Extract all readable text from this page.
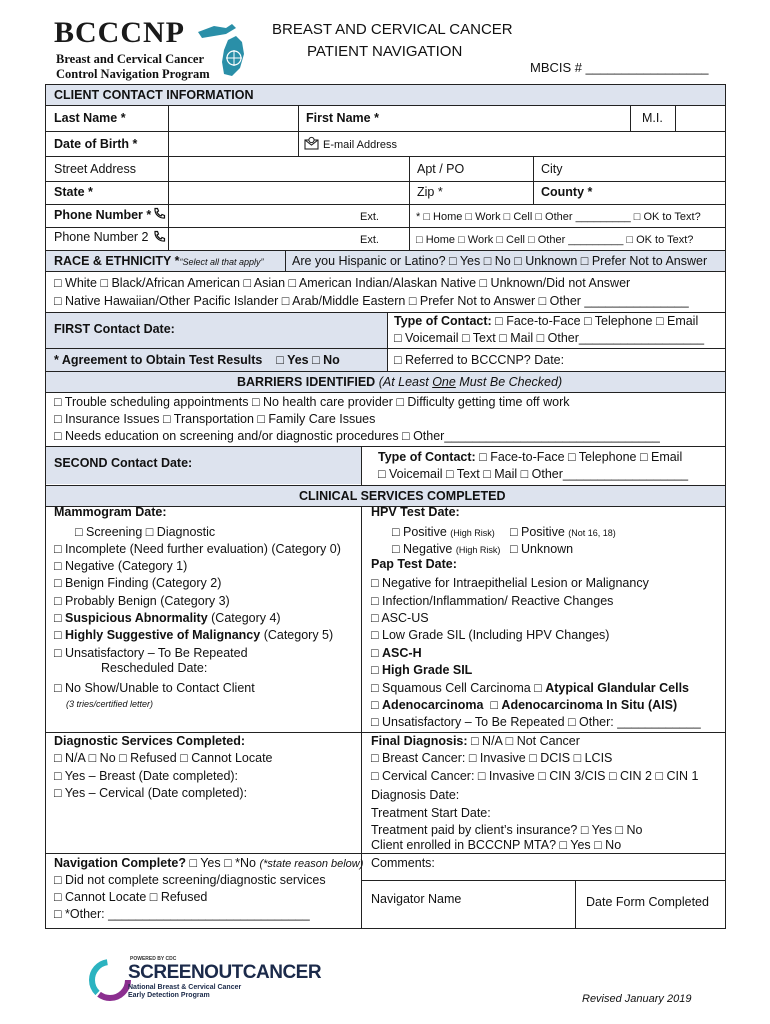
BCCCNP
Breast and Cervical Cancer
Control Navigation Program
BREAST AND CERVICAL CANCER
PATIENT NAVIGATION
MBCIS # _________________
CLIENT CONTACT INFORMATION
Last Name *	First Name *	M.I.
Date of Birth *	E-mail Address
Street Address	Apt / PO	City
State *	Zip *	County *
Phone Number *	Ext.	* □ Home □ Work □ Cell □ Other _________ □ OK to Text?
Phone Number 2	Ext.	□ Home □ Work □ Cell □ Other _________ □ OK to Text?
RACE & ETHNICITY *“Select all that apply” Are you Hispanic or Latino? □ Yes □ No □ Unknown □ Prefer Not to Answer
□ White □ Black/African American □ Asian □ American Indian/Alaskan Native □ Unknown/Did not Answer
□ Native Hawaiian/Other Pacific Islander □ Arab/Middle Eastern □ Prefer Not to Answer □ Other _______________
FIRST Contact Date:
Type of Contact: □ Face-to-Face □ Telephone □ Email
□ Voicemail □ Text □ Mail □ Other__________________
* Agreement to Obtain Test Results □ Yes □ No	□ Referred to BCCCNP? Date:
BARRIERS IDENTIFIED (At Least One Must Be Checked)
□ Trouble scheduling appointments □ No health care provider □ Difficulty getting time off work
□ Insurance Issues □ Transportation □ Family Care Issues
□ Needs education on screening and/or diagnostic procedures □ Other_______________________________
SECOND Contact Date:	Type of Contact: □ Face-to-Face □ Telephone □ Email
□ Voicemail □ Text □ Mail □ Other__________________
CLINICAL SERVICES COMPLETED
Mammogram Date:
□ Screening □ Diagnostic
□ Incomplete (Need further evaluation) (Category 0)
□ Negative (Category 1)
□ Benign Finding (Category 2)
□ Probably Benign (Category 3)
□ Suspicious Abnormality (Category 4)
□ Highly Suggestive of Malignancy (Category 5)
□ Unsatisfactory – To Be Repeated
Rescheduled Date:
□ No Show/Unable to Contact Client
(3 tries/certified letter)
HPV Test Date:
□ Positive (High Risk) □ Positive (Not 16, 18)
□ Negative (High Risk) □ Unknown
Pap Test Date:
□ Negative for Intraepithelial Lesion or Malignancy
□ Infection/Inflammation/ Reactive Changes
□ ASC-US
□ Low Grade SIL (Including HPV Changes)
□ ASC-H
□ High Grade SIL
□ Squamous Cell Carcinoma □ Atypical Glandular Cells
□ Adenocarcinoma  □ Adenocarcinoma In Situ (AIS)
□ Unsatisfactory – To Be Repeated □ Other: ____________
Diagnostic Services Completed:
□ N/A □ No □ Refused □ Cannot Locate
□ Yes – Breast (Date completed):
□ Yes – Cervical (Date completed):
Final Diagnosis: □ N/A □ Not Cancer
□ Breast Cancer: □ Invasive □ DCIS □ LCIS
□ Cervical Cancer: □ Invasive □ CIN 3/CIS □ CIN 2 □ CIN 1
Diagnosis Date:
Treatment Start Date:
Treatment paid by client’s insurance? □ Yes □ No
Client enrolled in BCCCNP MTA? □ Yes □ No
Navigation Complete? □ Yes □ *No (*state reason below)
□ Did not complete screening/diagnostic services
□ Cannot Locate □ Refused
□ *Other: _____________________________
Comments:
Navigator Name	Date Form Completed
POWERED BY CDC
SCREENOUTCANCER
National Breast & Cervical Cancer
Early Detection Program	Revised January 2019
